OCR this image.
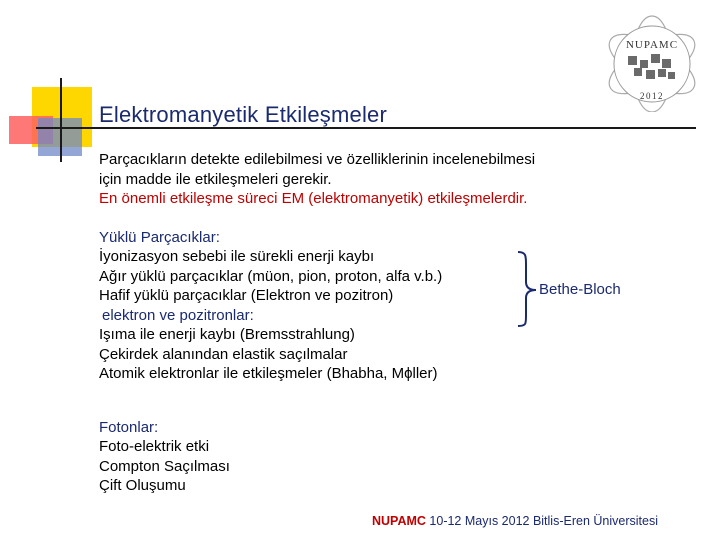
Elektromanyetik Etkileşmeler
NUPAMC
2012
Parçacıkların detekte edilebilmesi ve özelliklerinin incelenebilmesi
için madde ile etkileşmeleri gerekir.
En önemli etkileşme süreci EM (elektromanyetik) etkileşmelerdir.
Yüklü Parçacıklar:
İyonizasyon sebebi ile sürekli enerji kaybı
Ağır yüklü parçacıklar (müon, pion, proton, alfa v.b.)
Hafif yüklü parçacıklar (Elektron ve pozitron)
elektron ve pozitronlar:
Işıma ile enerji kaybı (Bremsstrahlung)
Çekirdek alanından elastik saçılmalar
Atomik elektronlar ile etkileşmeler (Bhabha, Mϕller)
Fotonlar:
Foto-elektrik etki
Compton Saçılması
Çift Oluşumu
Bethe-Bloch
NUPAMC 10-12 Mayıs 2012 Bitlis-Eren Üniversitesi
